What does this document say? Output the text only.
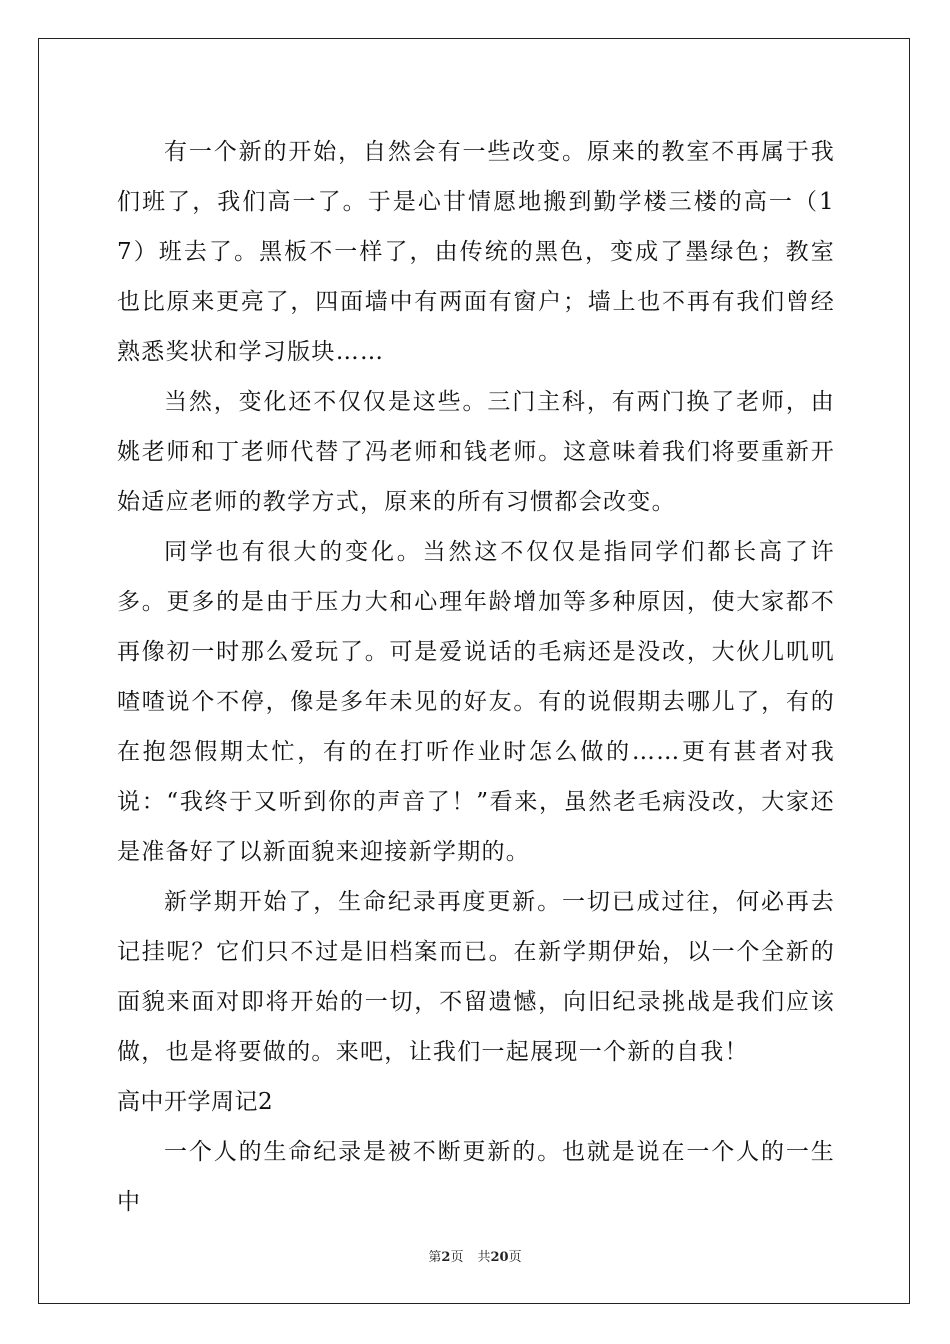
有一个新的开始，自然会有一些改变。原来的教室不再属于我们班了，我们高一了。于是心甘情愿地搬到勤学楼三楼的高一（17）班去了。黑板不一样了，由传统的黑色，变成了墨绿色；教室也比原来更亮了，四面墙中有两面有窗户；墙上也不再有我们曾经熟悉奖状和学习版块……

当然，变化还不仅仅是这些。三门主科，有两门换了老师，由姚老师和丁老师代替了冯老师和钱老师。这意味着我们将要重新开始适应老师的教学方式，原来的所有习惯都会改变。

同学也有很大的变化。当然这不仅仅是指同学们都长高了许多。更多的是由于压力大和心理年龄增加等多种原因，使大家都不再像初一时那么爱玩了。可是爱说话的毛病还是没改，大伙儿叽叽喳喳说个不停，像是多年未见的好友。有的说假期去哪儿了，有的在抱怨假期太忙，有的在打听作业时怎么做的……更有甚者对我说：“我终于又听到你的声音了！”看来，虽然老毛病没改，大家还是准备好了以新面貌来迎接新学期的。

新学期开始了，生命纪录再度更新。一切已成过往，何必再去记挂呢？它们只不过是旧档案而已。在新学期伊始，以一个全新的面貌来面对即将开始的一切，不留遗憾，向旧纪录挑战是我们应该做，也是将要做的。来吧，让我们一起展现一个新的自我！

高中开学周记2

一个人的生命纪录是被不断更新的。也就是说在一个人的一生中

第2页 共20页
